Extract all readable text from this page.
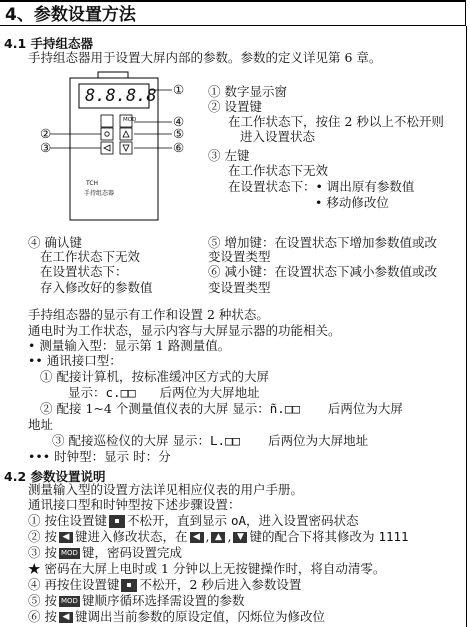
4、参数设置方法
4.1 手持组态器
手持组态器用于设置大屏内部的参数。参数的定义详见第 6 章。
8.8.8.8
MOD
TCH
手持组态器
①
②
③
④
⑤
⑥
① 数字显示窗
② 设置键
在工作状态下，按住 2 秒以上不松开则
进入设置状态
③ 左键
在工作状态下无效
在设置状态下：• 调出原有参数值
• 移动修改位
④ 确认键
在工作状态下无效
在设置状态下：
存入修改好的参数值
⑤ 增加键：在设置状态下增加参数值或改
变设置类型
⑥ 减小键：在设置状态下减小参数值或改
变设置类型
手持组态器的显示有工作和设置 2 种状态。
通电时为工作状态，显示内容与大屏显示器的功能相关。
• 测量输入型：显示第 1 路测量值。
•• 通讯接口型：
① 配接计算机，按标准缓冲区方式的大屏
显示：c.□□ 后两位为大屏地址
② 配接 1~4 个测量值仪表的大屏 显示：ñ.□□ 后两位为大屏
地址
③ 配接巡检仪的大屏 显示：L.□□ 后两位为大屏地址
••• 时钟型：显示 时：分
4.2 参数设置说明
测量输入型的设置方法详见相应仪表的用户手册。
通讯接口型和时钟型按下述步骤设置：
① 按住设置键 不松开，直到显示 oA，进入设置密码状态
② 按 ◀ 键进入修改状态，在 ◀ , ▲ , ▼ 键的配合下将其修改为 1111
③ 按 MOD 键，密码设置完成
★ 密码在大屏上电时或 1 分钟以上无按键操作时，将自动清零。
④ 再按住设置键 不松开，2 秒后进入参数设置
⑤ 按 MOD 键顺序循环选择需设置的参数
⑥ 按 ◀ 键调出当前参数的原设定值，闪烁位为修改位
